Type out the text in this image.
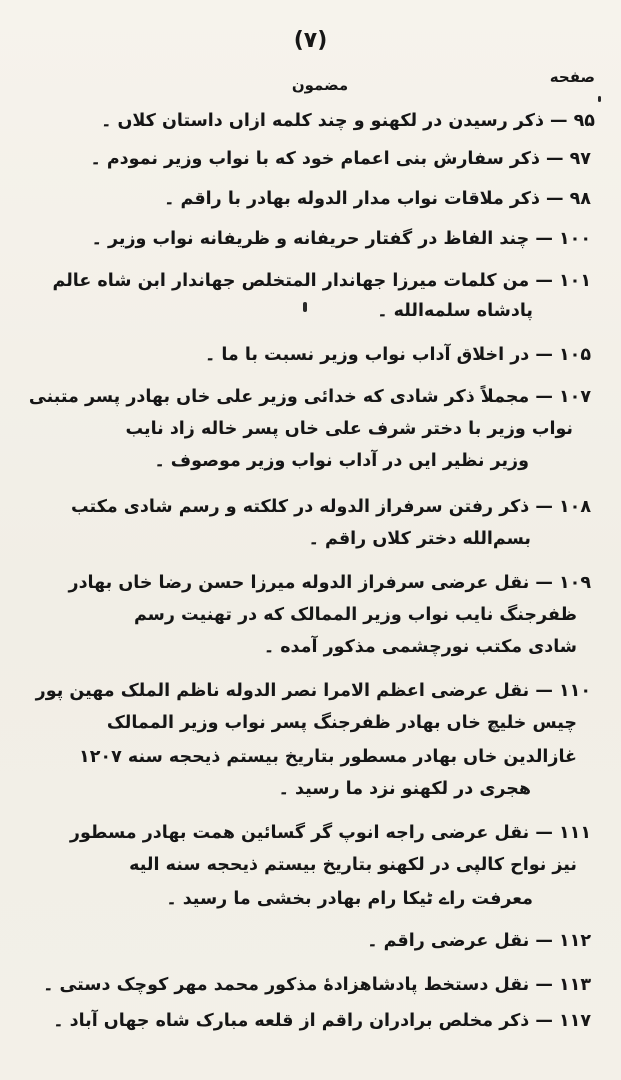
(۷)
صفحه
مضمون
۹۵ — ذکر رسیدن در لکهنو و چند کلمه ازاں داستان کلاں ۔
۹۷ — ذکر سفارش بنی اعمام خود که با نواب وزیر نمودم ۔
۹۸ — ذکر ملاقات نواب مدار الدوله بهادر با راقم ۔
۱۰۰ — چند الفاظ در گفتار حریفانه و ظریفانه نواب وزیر ۔
۱۰۱ — من کلمات میرزا جهاندار المتخلص جهاندار ابن شاه عالم
پادشاه سلمه‌الله ۔
۱۰۵ — در اخلاق آداب نواب وزیر نسبت با ما ۔
۱۰۷ — مجملاً ذکر شادی که خدائی وزیر علی خاں بهادر پسر متبنی
نواب وزیر با دختر شرف علی خاں پسر خاله زاد نایب
وزیر نظیر ایں در آداب نواب وزیر موصوف ۔
۱۰۸ — ذکر رفتن سرفراز الدوله در کلکته و رسم شادی مکتب
بسم‌الله دختر کلاں راقم ۔
۱۰۹ — نقل عرضی سرفراز الدوله میرزا حسن رضا خاں بهادر
ظفرجنگ نایب نواب وزیر الممالک که در تهنیت رسم
شادی مکتب نورچشمی مذکور آمده ۔
۱۱۰ — نقل عرضی اعظم الامرا نصر الدوله ناظم الملک مهین پور
چیس خلیچ خاں بهادر ظفرجنگ پسر نواب وزیر الممالک
غازالدین خاں بهادر مسطور بتاریخ بیستم ذیحجه سنه ۱۲۰۷
هجری در لکهنو نزد ما رسید ۔
۱۱۱ — نقل عرضی راجه انوپ گر گسائین همت بهادر مسطور
نیز نواح کالپی در لکهنو بتاریخ بیستم ذیحجه سنه الیه
معرفت راے ٹیکا رام بهادر بخشی ما رسید ۔
۱۱۲ — نقل عرضی راقم ۔
۱۱۳ — نقل دستخط پادشاهزادهٔ مذکور محمد مهر کوچک دستی ۔
۱۱۷ — ذکر مخلص برادران راقم از قلعه مبارک شاه جهاں آباد ۔
